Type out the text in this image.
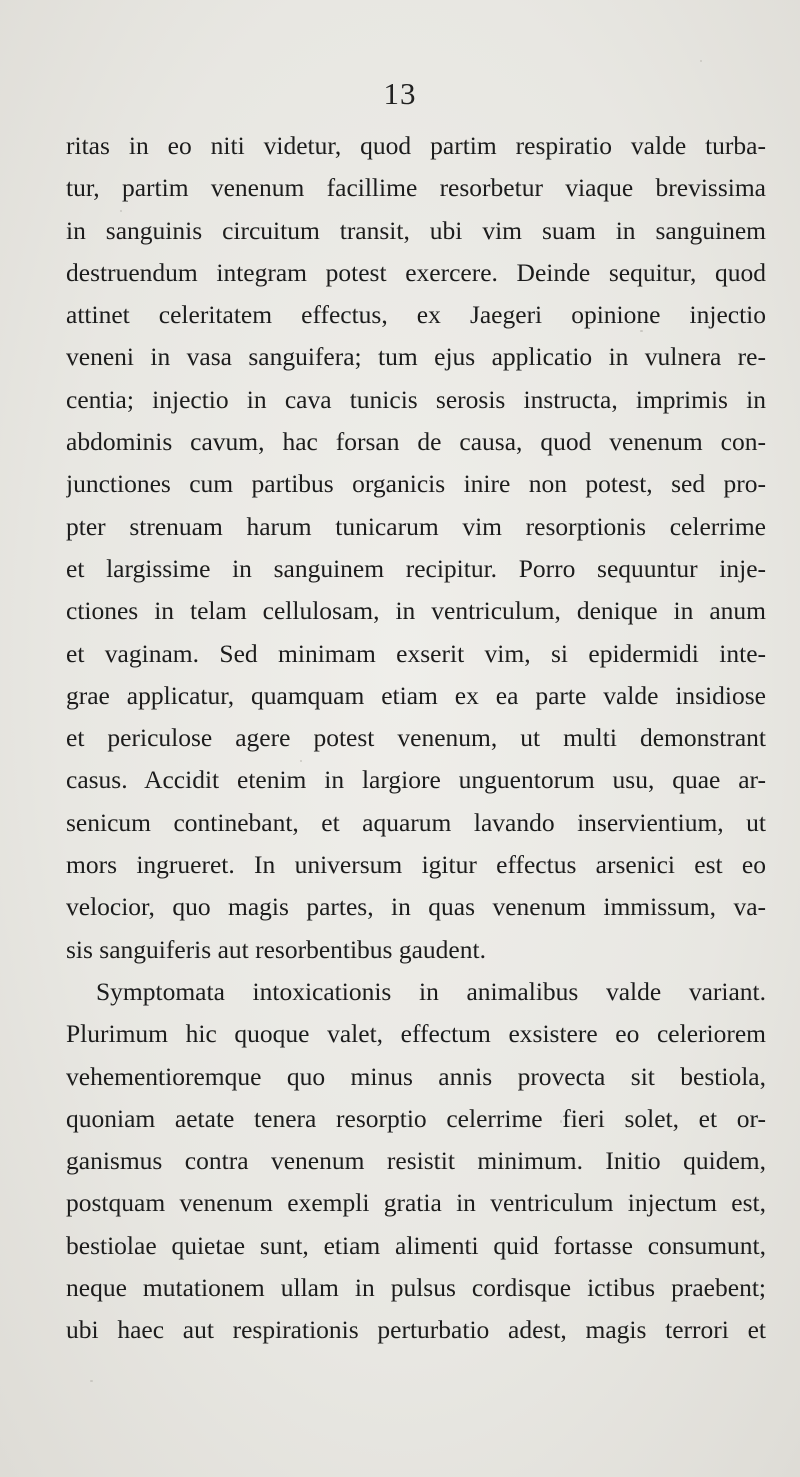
13
ritas in eo niti videtur, quod partim respiratio valde turba-
tur, partim venenum facillime resorbetur viaque brevissima
in sanguinis circuitum transit, ubi vim suam in sanguinem
destruendum integram potest exercere. Deinde sequitur, quod
attinet celeritatem effectus, ex Jaegeri opinione injectio
veneni in vasa sanguifera; tum ejus applicatio in vulnera re-
centia; injectio in cava tunicis serosis instructa, imprimis in
abdominis cavum, hac forsan de causa, quod venenum con-
junctiones cum partibus organicis inire non potest, sed pro-
pter strenuam harum tunicarum vim resorptionis celerrime
et largissime in sanguinem recipitur. Porro sequuntur inje-
ctiones in telam cellulosam, in ventriculum, denique in anum
et vaginam. Sed minimam exserit vim, si epidermidi inte-
grae applicatur, quamquam etiam ex ea parte valde insidiose
et periculose agere potest venenum, ut multi demonstrant
casus. Accidit etenim in largiore unguentorum usu, quae ar-
senicum continebant, et aquarum lavando inservientium, ut
mors ingrueret. In universum igitur effectus arsenici est eo
velocior, quo magis partes, in quas venenum immissum, va-
sis sanguiferis aut resorbentibus gaudent.
Symptomata intoxicationis in animalibus valde variant.
Plurimum hic quoque valet, effectum exsistere eo celeriorem
vehementioremque quo minus annis provecta sit bestiola,
quoniam aetate tenera resorptio celerrime fieri solet, et or-
ganismus contra venenum resistit minimum. Initio quidem,
postquam venenum exempli gratia in ventriculum injectum est,
bestiolae quietae sunt, etiam alimenti quid fortasse consumunt,
neque mutationem ullam in pulsus cordisque ictibus praebent;
ubi haec aut respirationis perturbatio adest, magis terrori et
